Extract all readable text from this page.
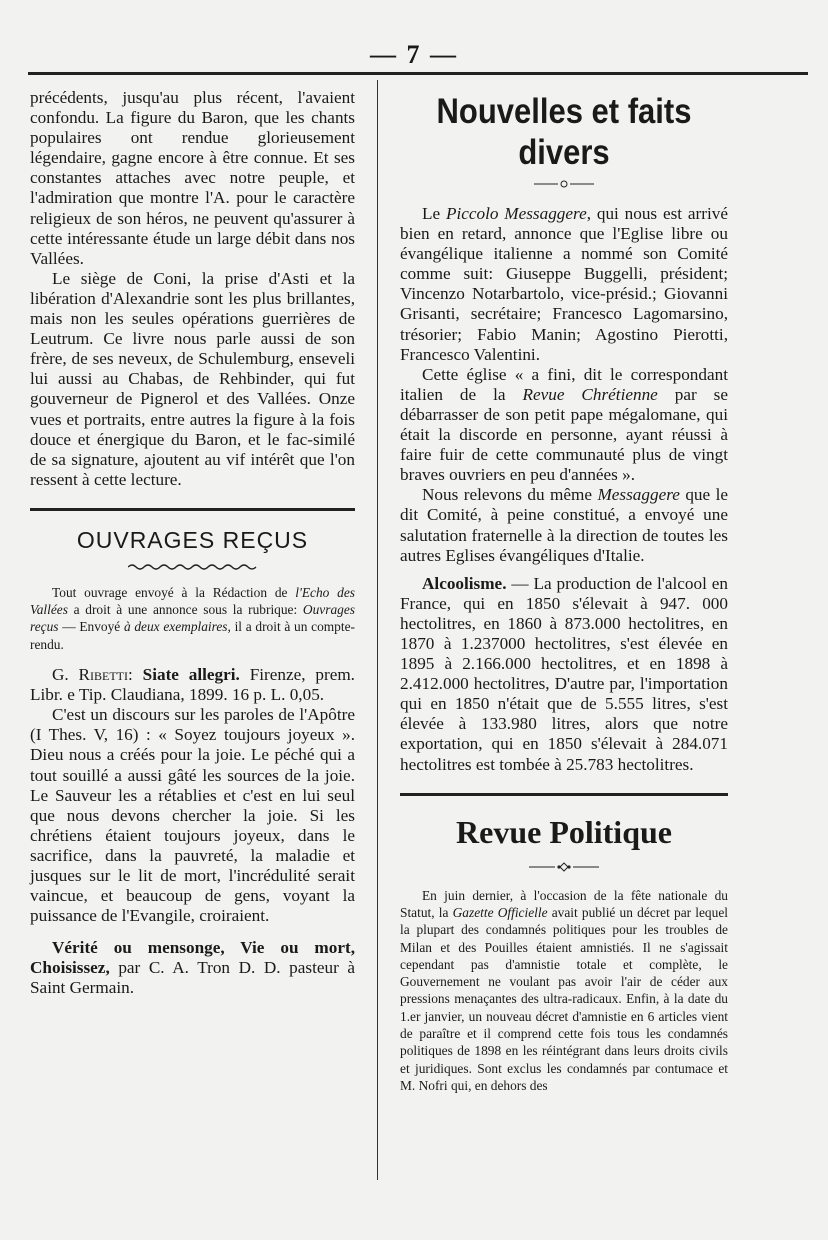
— 7 —

précédents, jusqu'au plus récent, l'avaient confondu. La figure du Baron, que les chants populaires ont rendue glorieusement légendaire, gagne encore à être connue. Et ses constantes attaches avec notre peuple, et l'admiration que montre l'A. pour le caractère religieux de son héros, ne peuvent qu'assurer à cette intéressante étude un large débit dans nos Vallées.

Le siège de Coni, la prise d'Asti et la libération d'Alexandrie sont les plus brillantes, mais non les seules opérations guerrières de Leutrum. Ce livre nous parle aussi de son frère, de ses neveux, de Schulemburg, enseveli lui aussi au Chabas, de Rehbinder, qui fut gouverneur de Pignerol et des Vallées. Onze vues et portraits, entre autres la figure à la fois douce et énergique du Baron, et le fac-similé de sa signature, ajoutent au vif intérêt que l'on ressent à cette lecture.

OUVRAGES REÇUS

Tout ouvrage envoyé à la Rédaction de l'Echo des Vallées a droit à une annonce sous la rubrique: Ouvrages reçus — Envoyé à deux exemplaires, il a droit à un compte-rendu.

G. Ribetti: Siate allegri. Firenze, prem. Libr. e Tip. Claudiana, 1899. 16 p. L. 0,05.

C'est un discours sur les paroles de l'Apôtre (I Thes. V, 16) : « Soyez toujours joyeux ». Dieu nous a créés pour la joie. Le péché qui a tout souillé a aussi gâté les sources de la joie. Le Sauveur les a rétablies et c'est en lui seul que nous devons chercher la joie. Si les chrétiens étaient toujours joyeux, dans le sacrifice, dans la pauvreté, la maladie et jusques sur le lit de mort, l'incrédulité serait vaincue, et beaucoup de gens, voyant la puissance de l'Evangile, croiraient.

Vérité ou mensonge, Vie ou mort, Choisissez, par C. A. Tron D. D. pasteur à Saint Germain.

Nouvelles et faits divers

Le Piccolo Messaggere, qui nous est arrivé bien en retard, annonce que l'Eglise libre ou évangélique italienne a nommé son Comité comme suit: Giuseppe Buggelli, président; Vincenzo Notarbartolo, vice-présid.; Giovanni Grisanti, secrétaire; Francesco Lagomarsino, trésorier; Fabio Manin; Agostino Pierotti, Francesco Valentini.

Cette église « a fini, dit le correspondant italien de la Revue Chrétienne par se débarrasser de son petit pape mégalomane, qui était la discorde en personne, ayant réussi à faire fuir de cette communauté plus de vingt braves ouvriers en peu d'années ».

Nous relevons du même Messaggere que le dit Comité, à peine constitué, a envoyé une salutation fraternelle à la direction de toutes les autres Eglises évangéliques d'Italie.

Alcoolisme. — La production de l'alcool en France, qui en 1850 s'élevait à 947. 000 hectolitres, en 1860 à 873.000 hectolitres, en 1870 à 1.237000 hectolitres, s'est élevée en 1895 à 2.166.000 hectolitres, et en 1898 à 2.412.000 hectolitres, D'autre par, l'importation qui en 1850 n'était que de 5.555 litres, s'est élevée à 133.980 litres, alors que notre exportation, qui en 1850 s'élevait à 284.071 hectolitres est tombée à 25.783 hectolitres.

Revue Politique

En juin dernier, à l'occasion de la fête nationale du Statut, la Gazette Officielle avait publié un décret par lequel la plupart des condamnés politiques pour les troubles de Milan et des Pouilles étaient amnistiés. Il ne s'agissait cependant pas d'amnistie totale et complète, le Gouvernement ne voulant pas avoir l'air de céder aux pressions menaçantes des ultra-radicaux. Enfin, à la date du 1.er janvier, un nouveau décret d'amnistie en 6 articles vient de paraître et il comprend cette fois tous les condamnés politiques de 1898 en les réintégrant dans leurs droits civils et juridiques. Sont exclus les condamnés par contumace et M. Nofri qui, en dehors des
